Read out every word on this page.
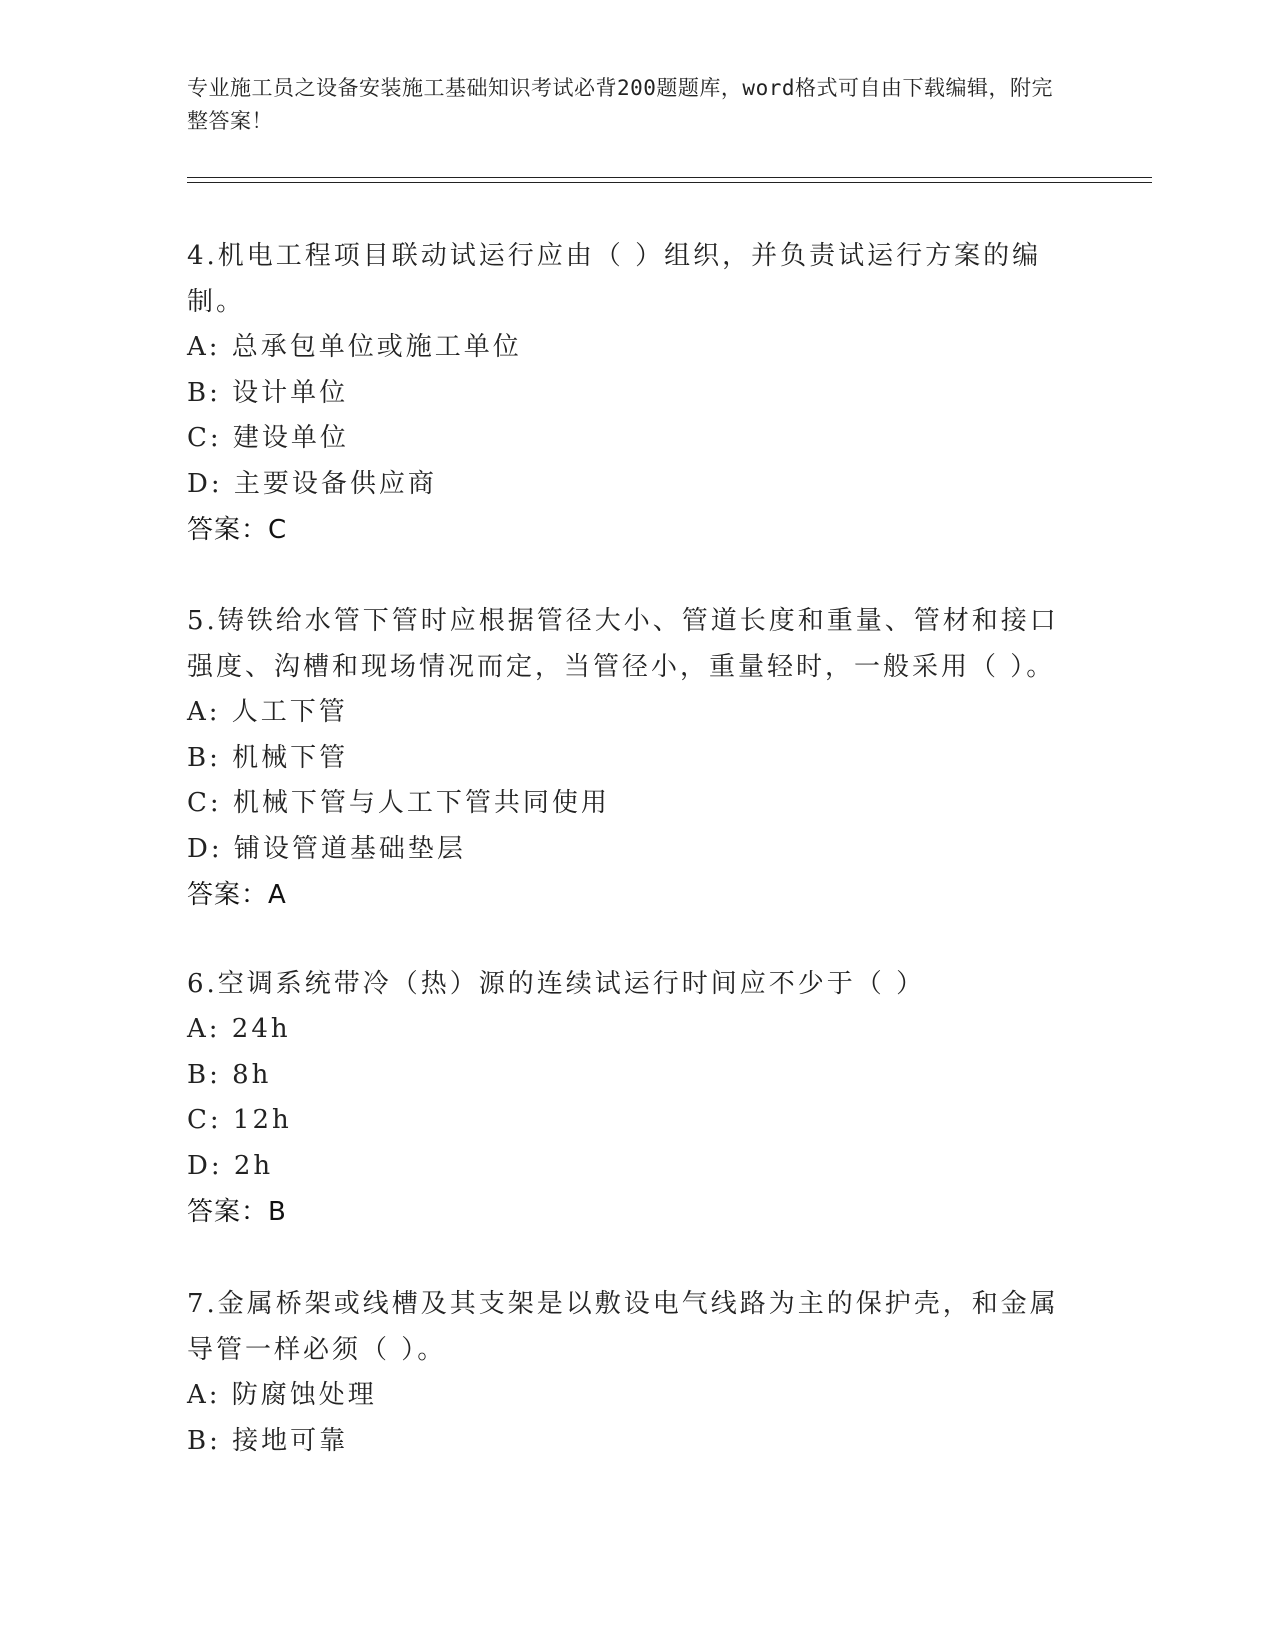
专业施工员之设备安装施工基础知识考试必背200题题库，word格式可自由下载编辑，附完整答案！
4.机电工程项目联动试运行应由（ ）组织，并负责试运行方案的编制。
A: 总承包单位或施工单位
B: 设计单位
C: 建设单位
D: 主要设备供应商
答案：C
5.铸铁给水管下管时应根据管径大小、管道长度和重量、管材和接口强度、沟槽和现场情况而定，当管径小，重量轻时，一般采用（ ）。
A: 人工下管
B: 机械下管
C: 机械下管与人工下管共同使用
D: 铺设管道基础垫层
答案：A
6.空调系统带冷（热）源的连续试运行时间应不少于（ ）
A: 24h
B: 8h
C: 12h
D: 2h
答案：B
7.金属桥架或线槽及其支架是以敷设电气线路为主的保护壳，和金属导管一样必须（ ）。
A: 防腐蚀处理
B: 接地可靠
